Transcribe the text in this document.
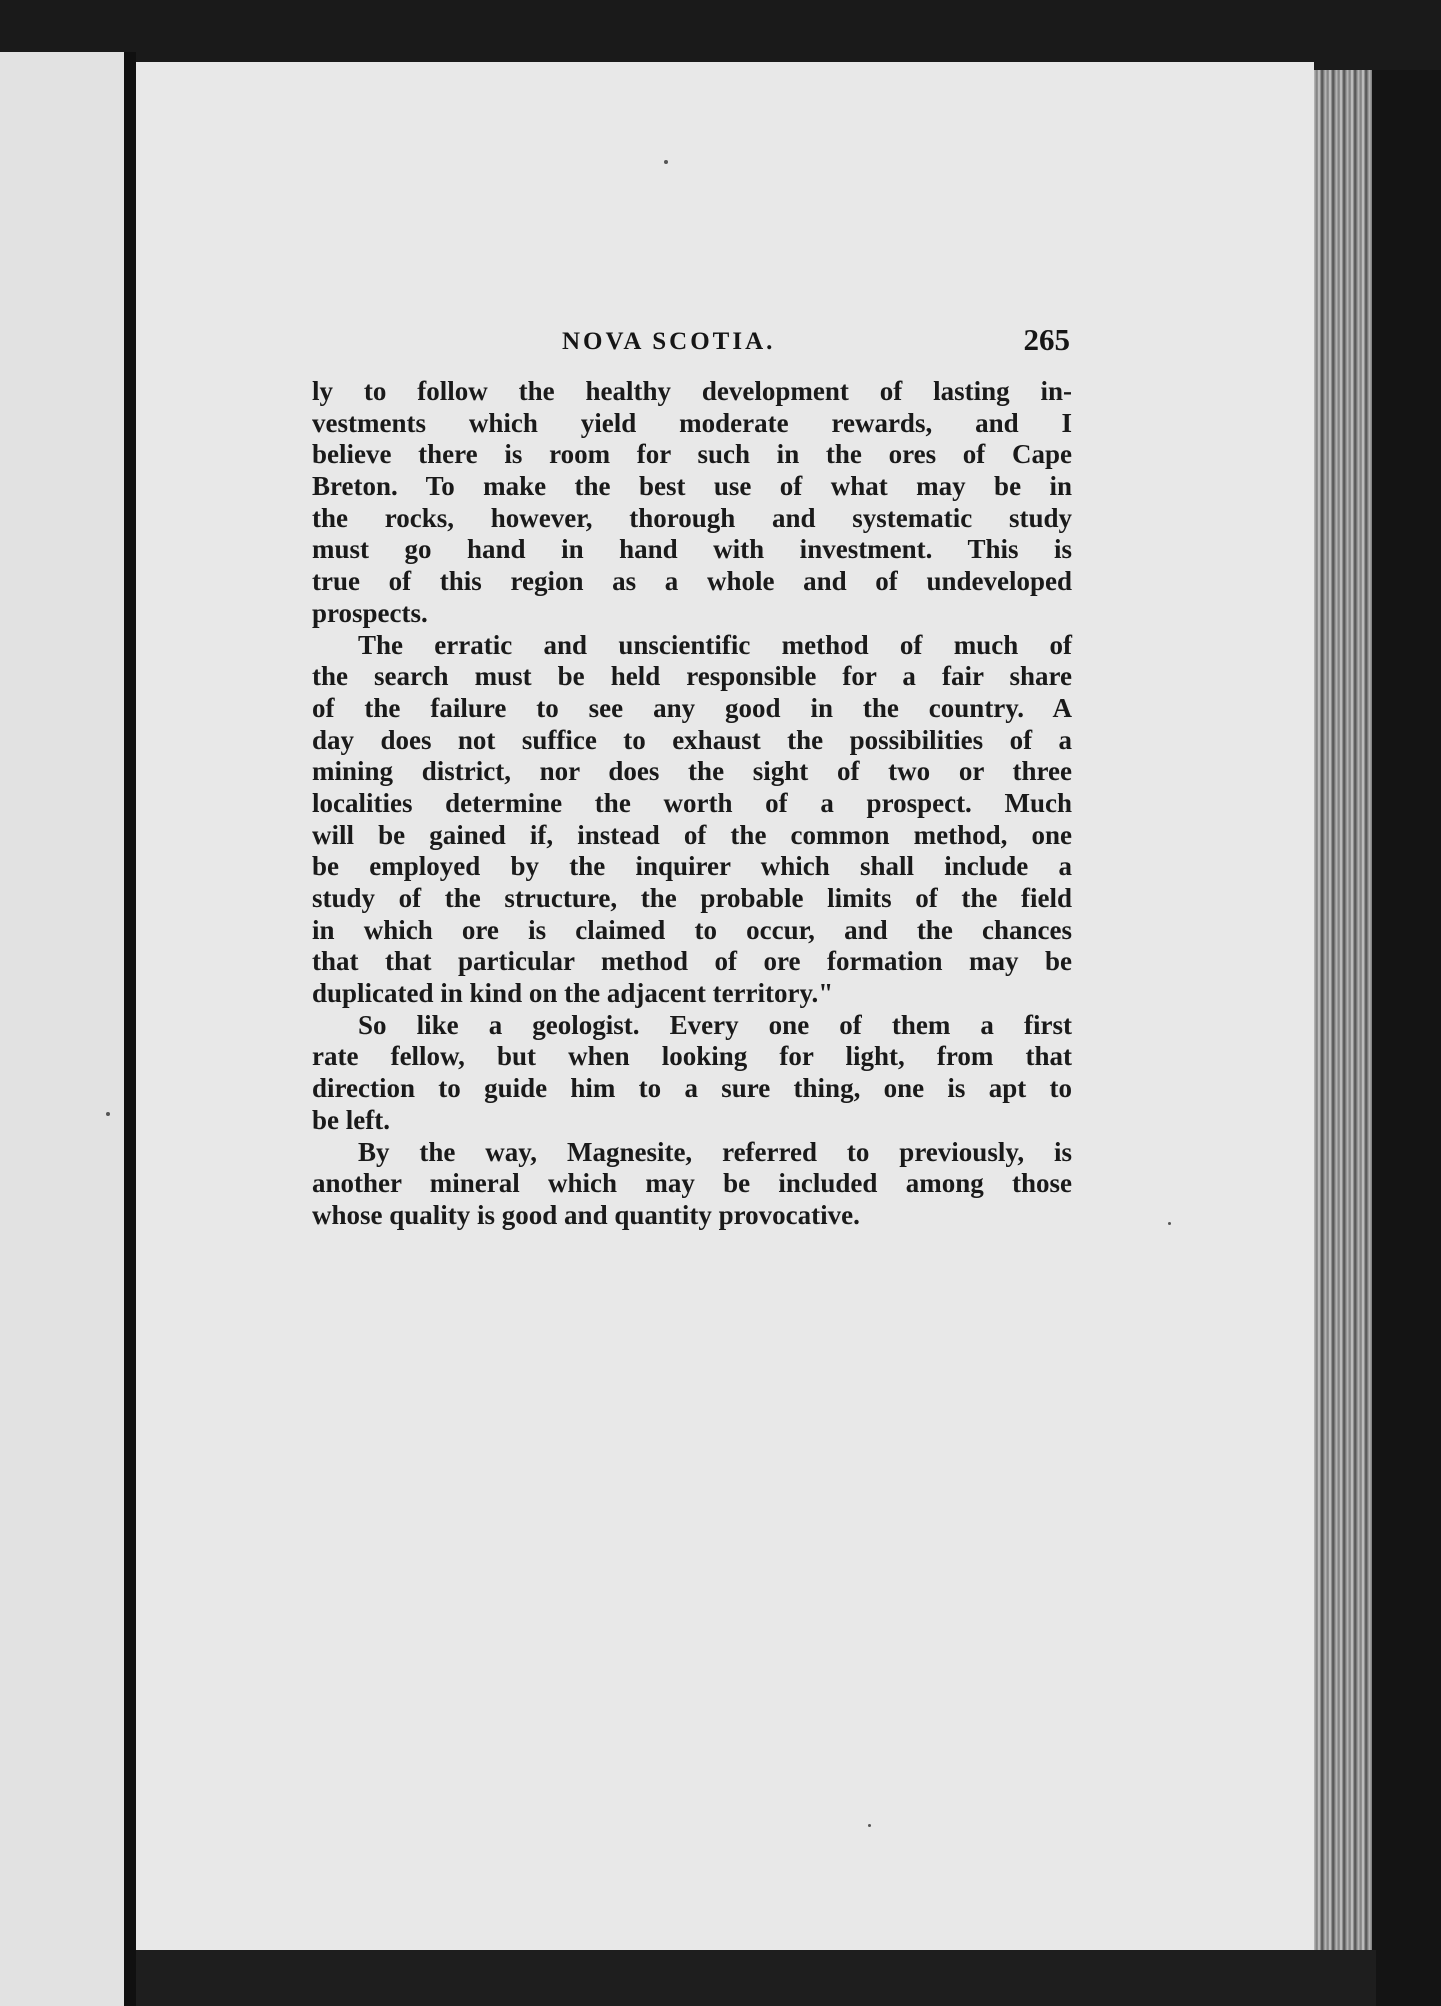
NOVA SCOTIA.	265
ly to follow the healthy development of lasting in-
vestments which yield moderate rewards, and I
believe there is room for such in the ores of Cape
Breton. To make the best use of what may be in
the rocks, however, thorough and systematic study
must go hand in hand with investment. This is
true of this region as a whole and of undeveloped
prospects.
The erratic and unscientific method of much of
the search must be held responsible for a fair share
of the failure to see any good in the country. A
day does not suffice to exhaust the possibilities of a
mining district, nor does the sight of two or three
localities determine the worth of a prospect. Much
will be gained if, instead of the common method, one
be employed by the inquirer which shall include a
study of the structure, the probable limits of the field
in which ore is claimed to occur, and the chances
that that particular method of ore formation may be
duplicated in kind on the adjacent territory."
So like a geologist. Every one of them a first
rate fellow, but when looking for light, from that
direction to guide him to a sure thing, one is apt to
be left.
By the way, Magnesite, referred to previously, is
another mineral which may be included among those
whose quality is good and quantity provocative.
